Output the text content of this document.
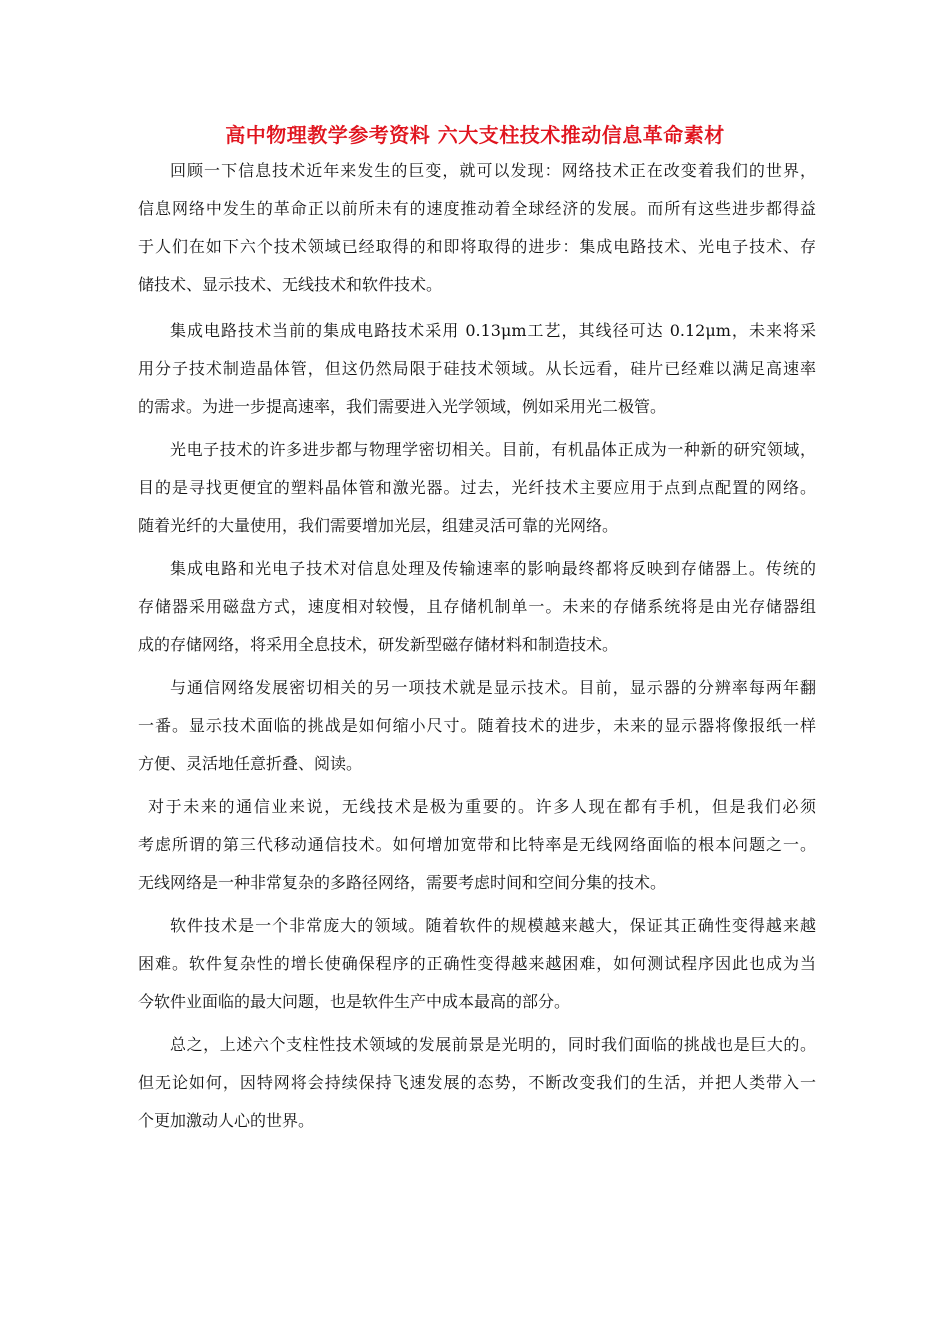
高中物理教学参考资料 六大支柱技术推动信息革命素材
回顾一下信息技术近年来发生的巨变，就可以发现：网络技术正在改变着我们的世界，
信息网络中发生的革命正以前所未有的速度推动着全球经济的发展。而所有这些进步都得益
于人们在如下六个技术领域已经取得的和即将取得的进步：集成电路技术、光电子技术、存
储技术、显示技术、无线技术和软件技术。
集成电路技术当前的集成电路技术采用 0.13μm工艺，其线径可达 0.12μm，未来将采
用分子技术制造晶体管，但这仍然局限于硅技术领域。从长远看，硅片已经难以满足高速率
的需求。为进一步提高速率，我们需要进入光学领域，例如采用光二极管。
光电子技术的许多进步都与物理学密切相关。目前，有机晶体正成为一种新的研究领域，
目的是寻找更便宜的塑料晶体管和激光器。过去，光纤技术主要应用于点到点配置的网络。
随着光纤的大量使用，我们需要增加光层，组建灵活可靠的光网络。
集成电路和光电子技术对信息处理及传输速率的影响最终都将反映到存储器上。传统的
存储器采用磁盘方式，速度相对较慢，且存储机制单一。未来的存储系统将是由光存储器组
成的存储网络，将采用全息技术，研发新型磁存储材料和制造技术。
与通信网络发展密切相关的另一项技术就是显示技术。目前，显示器的分辨率每两年翻
一番。显示技术面临的挑战是如何缩小尺寸。随着技术的进步，未来的显示器将像报纸一样
方便、灵活地任意折叠、阅读。
对于未来的通信业来说，无线技术是极为重要的。许多人现在都有手机，但是我们必须
考虑所谓的第三代移动通信技术。如何增加宽带和比特率是无线网络面临的根本问题之一。
无线网络是一种非常复杂的多路径网络，需要考虑时间和空间分集的技术。
软件技术是一个非常庞大的领域。随着软件的规模越来越大，保证其正确性变得越来越
困难。软件复杂性的增长使确保程序的正确性变得越来越困难，如何测试程序因此也成为当
今软件业面临的最大问题，也是软件生产中成本最高的部分。
总之，上述六个支柱性技术领域的发展前景是光明的，同时我们面临的挑战也是巨大的。
但无论如何，因特网将会持续保持飞速发展的态势，不断改变我们的生活，并把人类带入一
个更加激动人心的世界。
